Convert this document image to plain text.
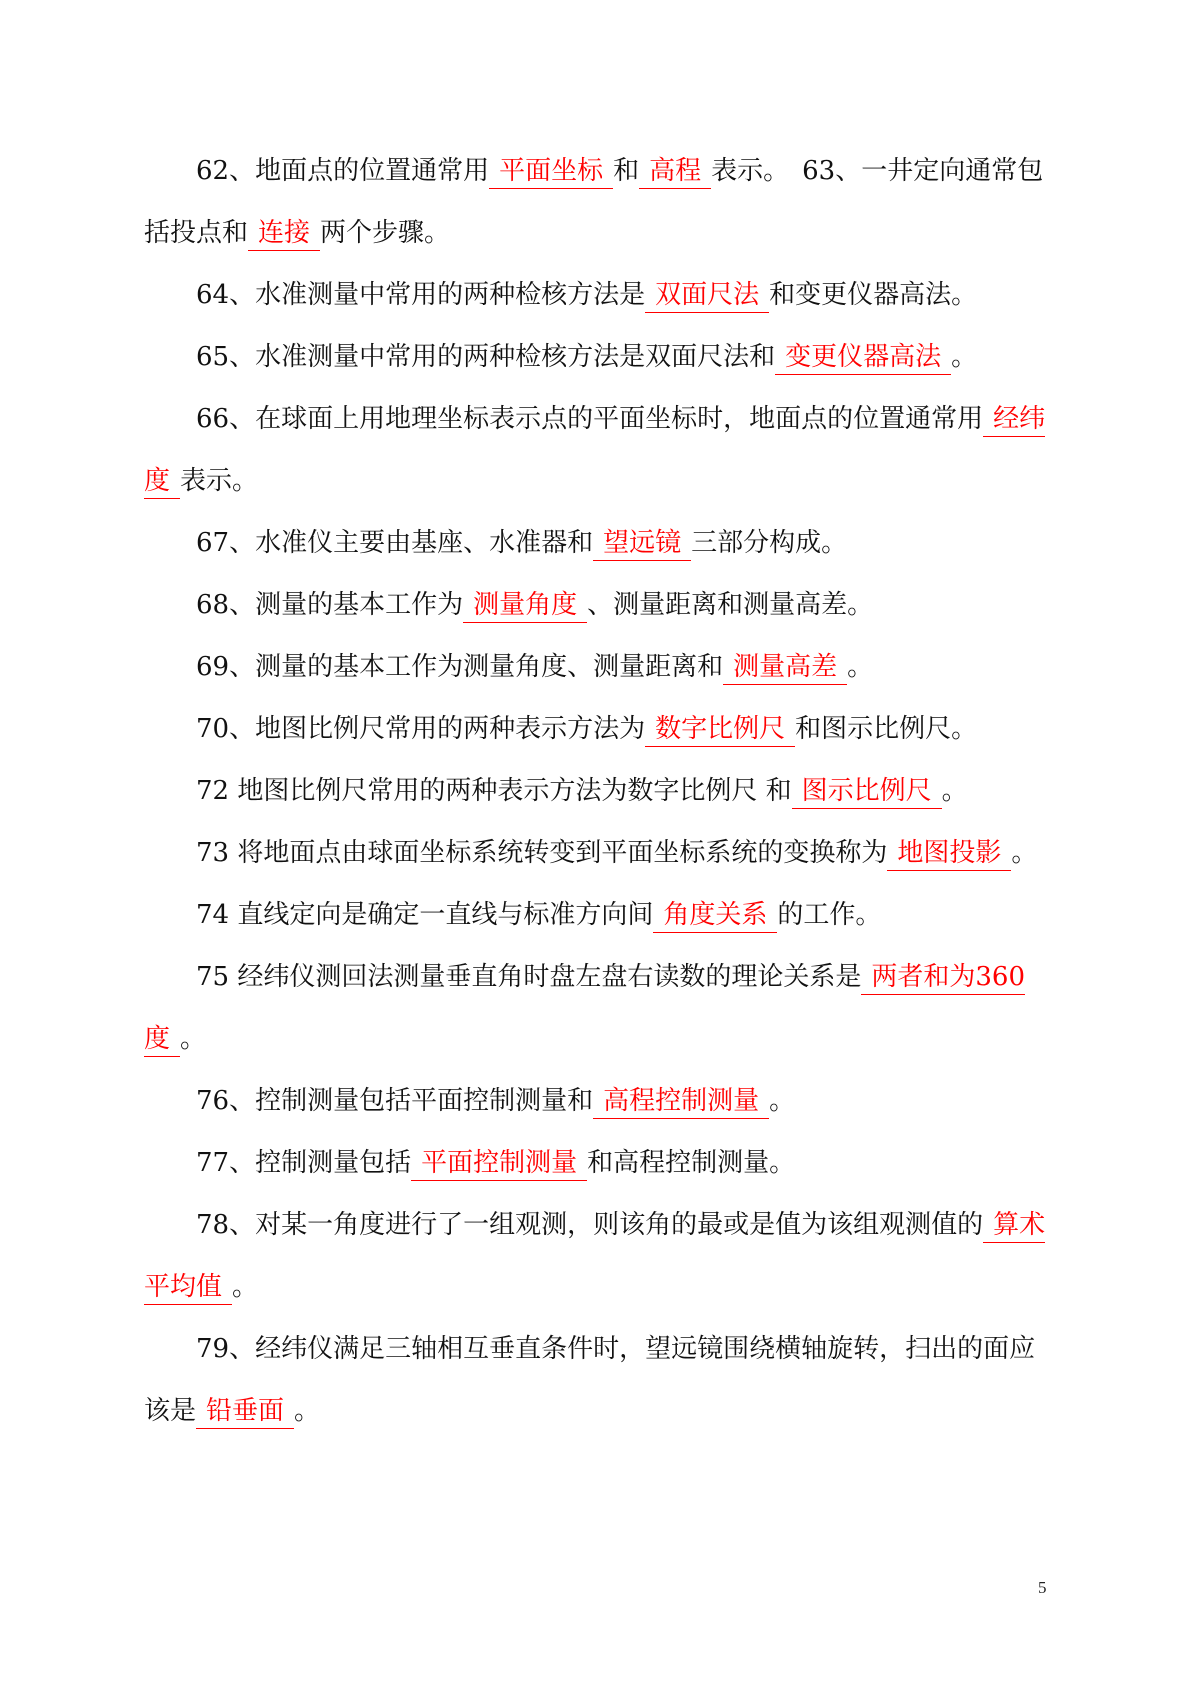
62、地面点的位置通常用 平面坐标 和 高程 表示。　63、一井定向通常包括投点和 连接 两个步骤。

64、水准测量中常用的两种检核方法是 双面尺法 和变更仪器高法。

65、水准测量中常用的两种检核方法是双面尺法和 变更仪器高法 。

66、在球面上用地理坐标表示点的平面坐标时，地面点的位置通常用 经纬度 表示。

67、水准仪主要由基座、水准器和 望远镜 三部分构成。

68、测量的基本工作为 测量角度 、测量距离和测量高差。

69、测量的基本工作为测量角度、测量距离和 测量高差 。

70、地图比例尺常用的两种表示方法为 数字比例尺 和图示比例尺。

72 地图比例尺常用的两种表示方法为数字比例尺 和 图示比例尺 。

73 将地面点由球面坐标系统转变到平面坐标系统的变换称为 地图投影 。

74 直线定向是确定一直线与标准方向间 角度关系 的工作。

75 经纬仪测回法测量垂直角时盘左盘右读数的理论关系是 两者和为360度 。

76、控制测量包括平面控制测量和 高程控制测量 。

77、控制测量包括 平面控制测量 和高程控制测量。

78、对某一角度进行了一组观测，则该角的最或是值为该组观测值的 算术平均值 。

79、经纬仪满足三轴相互垂直条件时，望远镜围绕横轴旋转，扫出的面应该是 铅垂面 。

5
